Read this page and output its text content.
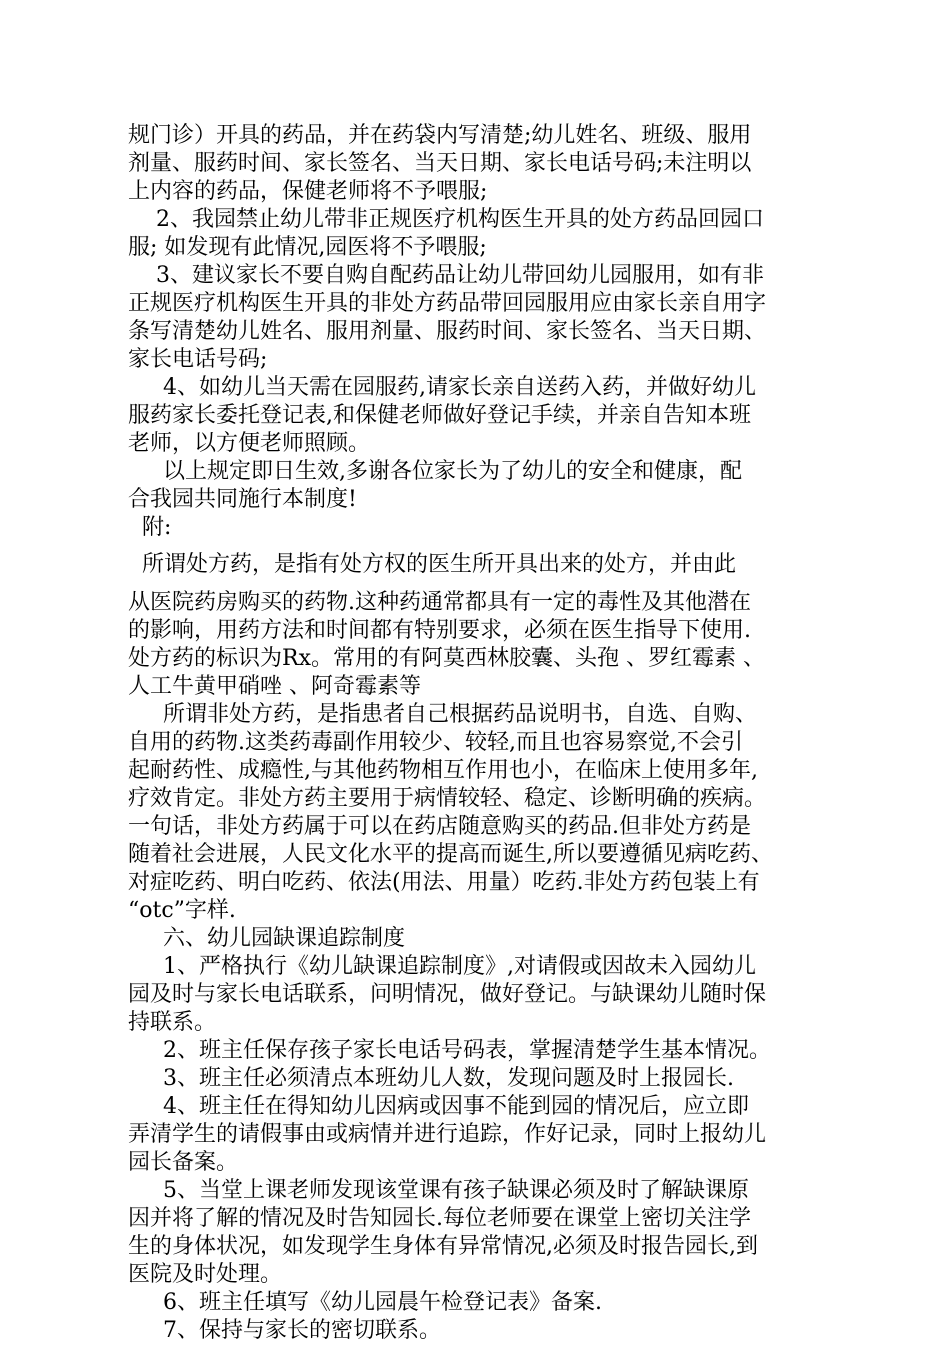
规门诊）开具的药品，并在药袋内写清楚;幼儿姓名、班级、服用
剂量、服药时间、家长签名、当天日期、家长电话号码;未注明以
上内容的药品，保健老师将不予喂服;
2、我园禁止幼儿带非正规医疗机构医生开具的处方药品回园口
服; 如发现有此情况,园医将不予喂服;
3、建议家长不要自购自配药品让幼儿带回幼儿园服用，如有非
正规医疗机构医生开具的非处方药品带回园服用应由家长亲自用字
条写清楚幼儿姓名、服用剂量、服药时间、家长签名、当天日期、
家长电话号码;
4、如幼儿当天需在园服药,请家长亲自送药入药，并做好幼儿
服药家长委托登记表,和保健老师做好登记手续，并亲自告知本班
老师，以方便老师照顾。
以上规定即日生效,多谢各位家长为了幼儿的安全和健康，配
合我园共同施行本制度!
附:
所谓处方药，是指有处方权的医生所开具出来的处方，并由此
从医院药房购买的药物.这种药通常都具有一定的毒性及其他潜在
的影响，用药方法和时间都有特别要求，必须在医生指导下使用.
处方药的标识为Rx。常用的有阿莫西林胶囊、头孢 、罗红霉素 、
人工牛黄甲硝唑 、阿奇霉素等
所谓非处方药，是指患者自己根据药品说明书，自选、自购、
自用的药物.这类药毒副作用较少、较轻,而且也容易察觉,不会引
起耐药性、成瘾性,与其他药物相互作用也小，在临床上使用多年,
疗效肯定。非处方药主要用于病情较轻、稳定、诊断明确的疾病。
一句话，非处方药属于可以在药店随意购买的药品.但非处方药是
随着社会进展，人民文化水平的提高而诞生,所以要遵循见病吃药、
对症吃药、明白吃药、依法(用法、用量）吃药.非处方药包装上有
“otc”字样.
六、幼儿园缺课追踪制度
1、严格执行《幼儿缺课追踪制度》,对请假或因故未入园幼儿
园及时与家长电话联系，问明情况，做好登记。与缺课幼儿随时保
持联系。
2、班主任保存孩子家长电话号码表，掌握清楚学生基本情况。
3、班主任必须清点本班幼儿人数，发现问题及时上报园长.
4、班主任在得知幼儿因病或因事不能到园的情况后，应立即
弄清学生的请假事由或病情并进行追踪，作好记录，同时上报幼儿
园长备案。
5、当堂上课老师发现该堂课有孩子缺课必须及时了解缺课原
因并将了解的情况及时告知园长.每位老师要在课堂上密切关注学
生的身体状况，如发现学生身体有异常情况,必须及时报告园长,到
医院及时处理。
6、班主任填写《幼儿园晨午检登记表》备案.
7、保持与家长的密切联系。
